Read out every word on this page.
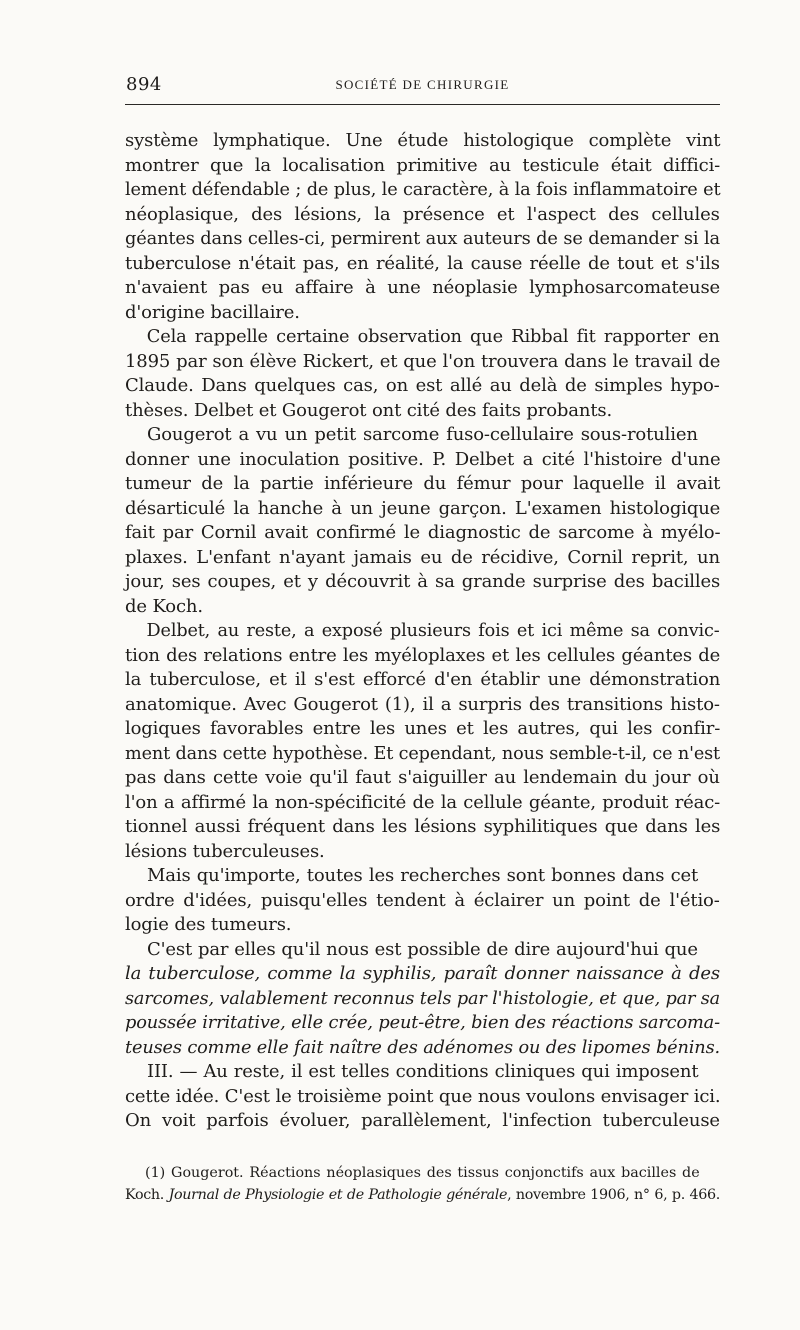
894	SOCIÉTÉ DE CHIRURGIE

système lymphatique. Une étude histologique complète vint
montrer que la localisation primitive au testicule était diffici-
lement défendable ; de plus, le caractère, à la fois inflammatoire et
néoplasique, des lésions, la présence et l'aspect des cellules
géantes dans celles-ci, permirent aux auteurs de se demander si la
tuberculose n'était pas, en réalité, la cause réelle de tout et s'ils
n'avaient pas eu affaire à une néoplasie lymphosarcomateuse
d'origine bacillaire.

Cela rappelle certaine observation que Ribbal fit rapporter en
1895 par son élève Rickert, et que l'on trouvera dans le travail de
Claude. Dans quelques cas, on est allé au delà de simples hypo-
thèses. Delbet et Gougerot ont cité des faits probants.

Gougerot a vu un petit sarcome fuso-cellulaire sous-rotulien
donner une inoculation positive. P. Delbet a cité l'histoire d'une
tumeur de la partie inférieure du fémur pour laquelle il avait
désarticulé la hanche à un jeune garçon. L'examen histologique
fait par Cornil avait confirmé le diagnostic de sarcome à myélo-
plaxes. L'enfant n'ayant jamais eu de récidive, Cornil reprit, un
jour, ses coupes, et y découvrit à sa grande surprise des bacilles
de Koch.

Delbet, au reste, a exposé plusieurs fois et ici même sa convic-
tion des relations entre les myéloplaxes et les cellules géantes de
la tuberculose, et il s'est efforcé d'en établir une démonstration
anatomique. Avec Gougerot (1), il a surpris des transitions histo-
logiques favorables entre les unes et les autres, qui les confir-
ment dans cette hypothèse. Et cependant, nous semble-t-il, ce n'est
pas dans cette voie qu'il faut s'aiguiller au lendemain du jour où
l'on a affirmé la non-spécificité de la cellule géante, produit réac-
tionnel aussi fréquent dans les lésions syphilitiques que dans les
lésions tuberculeuses.

Mais qu'importe, toutes les recherches sont bonnes dans cet
ordre d'idées, puisqu'elles tendent à éclairer un point de l'étio-
logie des tumeurs.

C'est par elles qu'il nous est possible de dire aujourd'hui que
la tuberculose, comme la syphilis, paraît donner naissance à des
sarcomes, valablement reconnus tels par l'histologie, et que, par sa
poussée irritative, elle crée, peut-être, bien des réactions sarcoma-
teuses comme elle fait naître des adénomes ou des lipomes bénins.

III. — Au reste, il est telles conditions cliniques qui imposent
cette idée. C'est le troisième point que nous voulons envisager ici.
On voit parfois évoluer, parallèlement, l'infection tuberculeuse

(1) Gougerot. Réactions néoplasiques des tissus conjonctifs aux bacilles de
Koch. Journal de Physiologie et de Pathologie générale, novembre 1906, n° 6, p. 466.
